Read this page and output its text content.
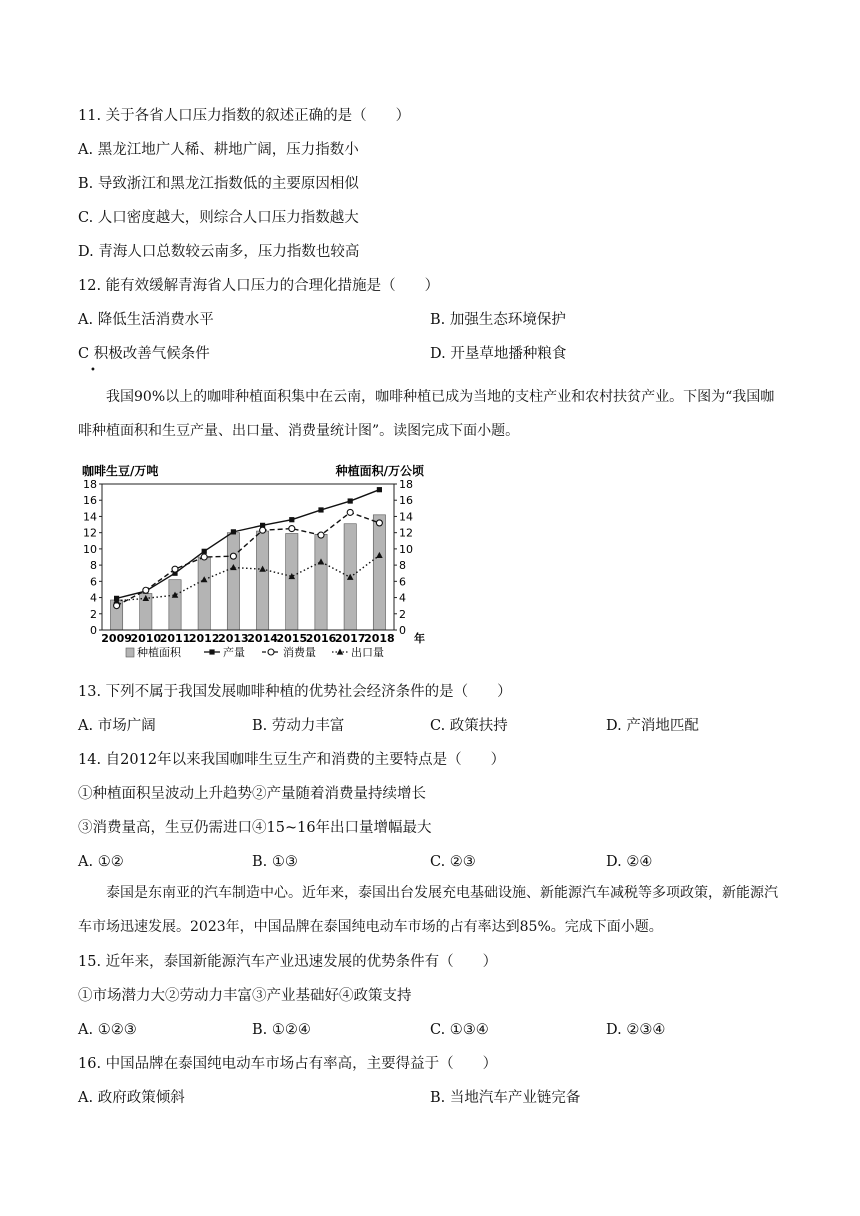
11. 关于各省人口压力指数的叙述正确的是（　　）
A. 黑龙江地广人稀、耕地广阔，压力指数小
B. 导致浙江和黑龙江指数低的主要原因相似
C. 人口密度越大，则综合人口压力指数越大
D. 青海人口总数较云南多，压力指数也较高
12. 能有效缓解青海省人口压力的合理化措施是（　　）
A. 降低生活消费水平	B. 加强生态环境保护
C 积极改善气候条件	D. 开垦草地播种粮食
•
我国90%以上的咖啡种植面积集中在云南，咖啡种植已成为当地的支柱产业和农村扶贫产业。下图为“我国咖啡种植面积和生豆产量、出口量、消费量统计图”。读图完成下面小题。
咖啡生豆/万吨	种植面积/万公顷
0
2
4
6
8
10
12
14
16
18
0
2
4
6
8
10
12
14
16
18
2009
2010
2011
2012
2013
2014
2015
2016
2017
2018 年
种植面积	产量	消费量	出口量
13. 下列不属于我国发展咖啡种植的优势社会经济条件的是（　　）
A. 市场广阔	B. 劳动力丰富	C. 政策扶持	D. 产消地匹配
14. 自2012年以来我国咖啡生豆生产和消费的主要特点是（　　）
①种植面积呈波动上升趋势②产量随着消费量持续增长
③消费量高，生豆仍需进口④15~16年出口量增幅最大
A. ①②	B. ①③	C. ②③	D. ②④
泰国是东南亚的汽车制造中心。近年来，泰国出台发展充电基础设施、新能源汽车减税等多项政策，新能源汽车市场迅速发展。2023年，中国品牌在泰国纯电动车市场的占有率达到85%。完成下面小题。
15. 近年来，泰国新能源汽车产业迅速发展的优势条件有（　　）
①市场潜力大②劳动力丰富③产业基础好④政策支持
A. ①②③	B. ①②④	C. ①③④	D. ②③④
16. 中国品牌在泰国纯电动车市场占有率高，主要得益于（　　）
A. 政府政策倾斜	B. 当地汽车产业链完备
